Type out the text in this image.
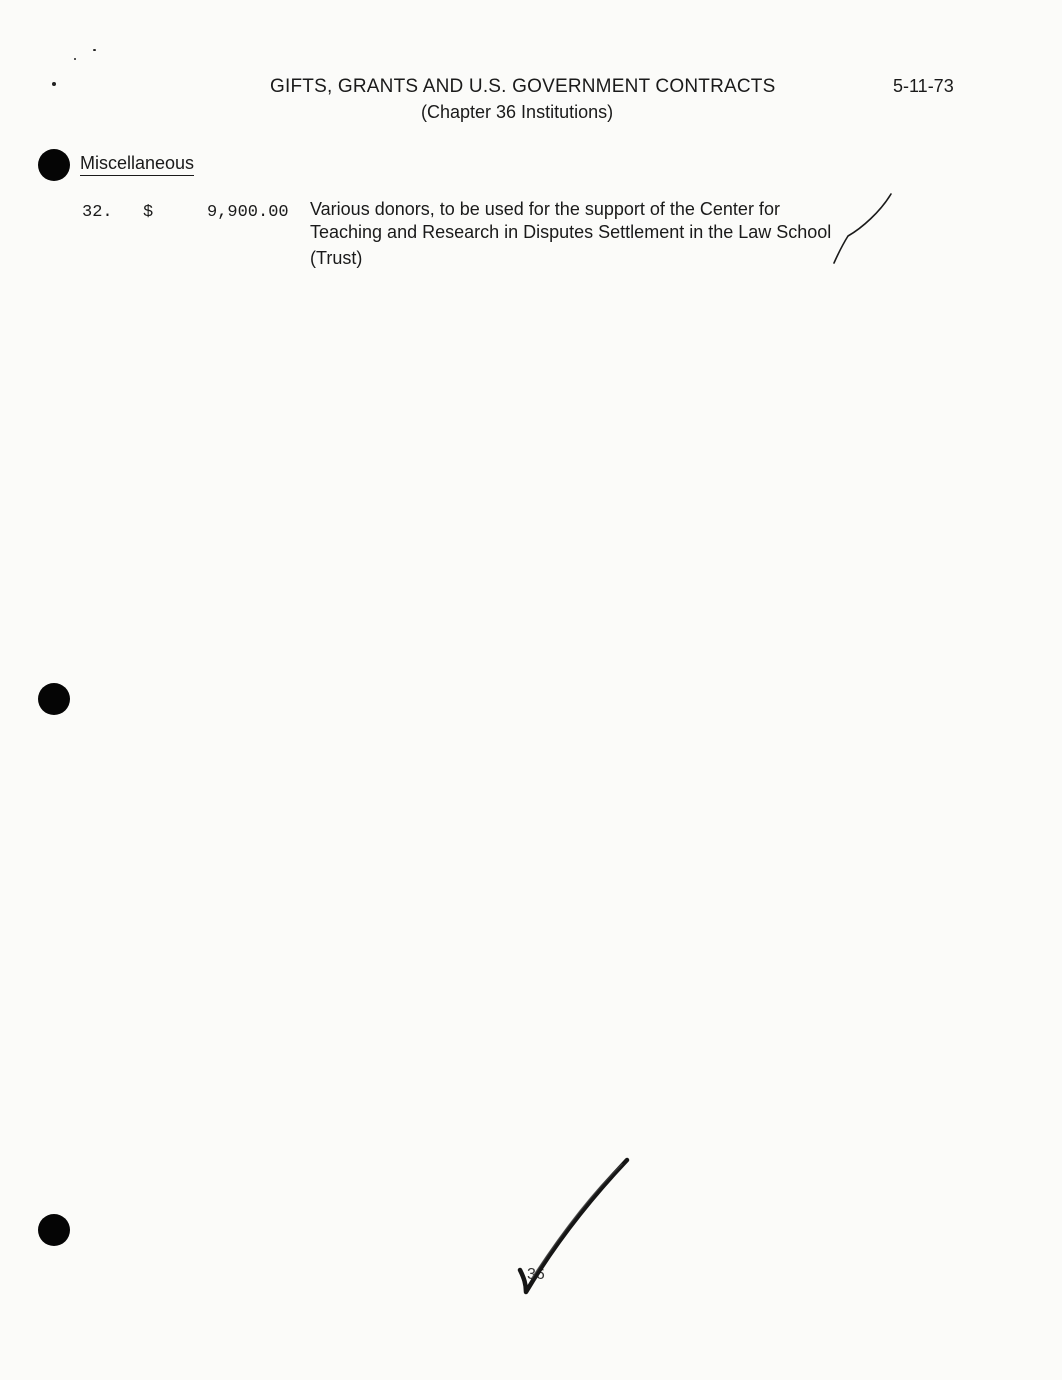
GIFTS, GRANTS AND U.S. GOVERNMENT CONTRACTS
(Chapter 36 Institutions)
5-11-73
Miscellaneous
32. $	9,900.00 Various donors, to be used for the support of the Center for
Teaching and Research in Disputes Settlement in the Law School
(Trust)
36
